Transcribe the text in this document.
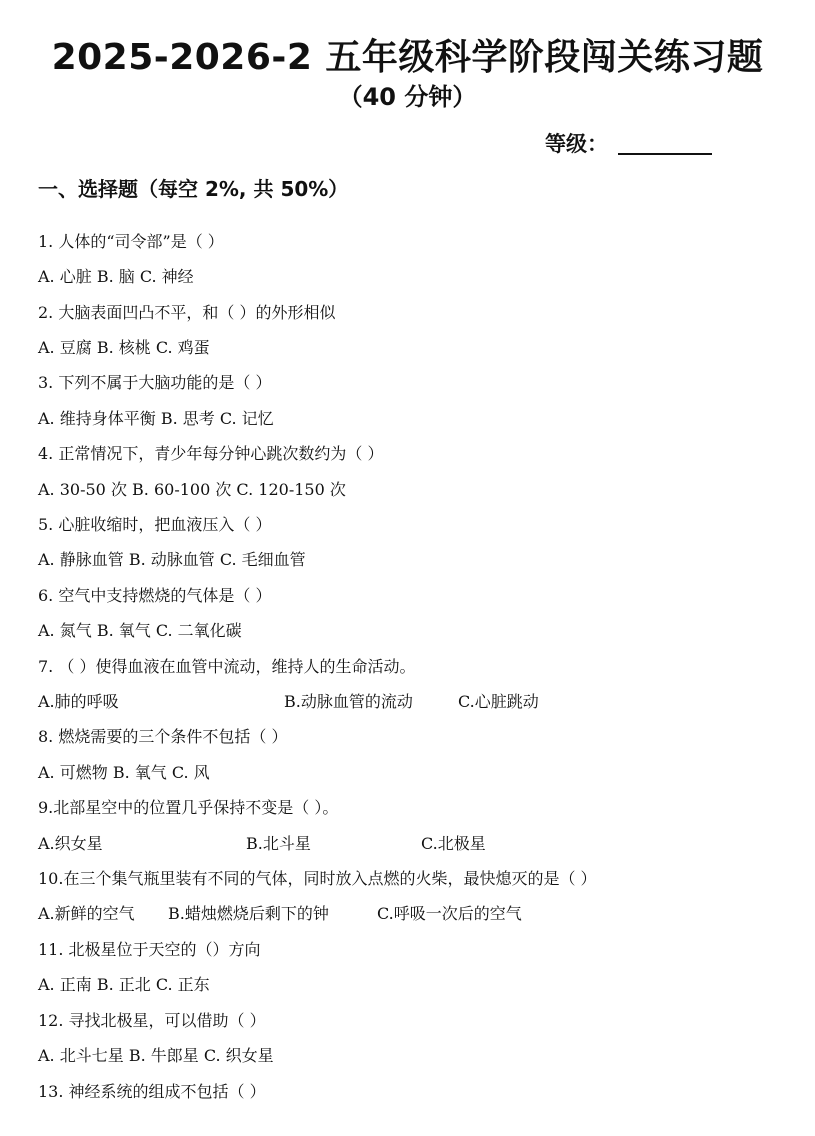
2025-2026-2 五年级科学阶段闯关练习题
（40 分钟）
等级：
一、选择题（每空 2%, 共 50%）
1. 人体的“司令部”是（ ）
A. 心脏 B. 脑 C. 神经
2. 大脑表面凹凸不平，和（ ）的外形相似
A. 豆腐 B. 核桃 C. 鸡蛋
3. 下列不属于大脑功能的是（ ）
A. 维持身体平衡 B. 思考 C. 记忆
4. 正常情况下，青少年每分钟心跳次数约为（ ）
A. 30-50 次 B. 60-100 次 C. 120-150 次
5. 心脏收缩时，把血液压入（ ）
A. 静脉血管 B. 动脉血管 C. 毛细血管
6. 空气中支持燃烧的气体是（ ）
A. 氮气 B. 氧气 C. 二氧化碳
7. （ ）使得血液在血管中流动，维持人的生命活动。
A.肺的呼吸	B.动脉血管的流动	C.心脏跳动
8. 燃烧需要的三个条件不包括（ ）
A. 可燃物 B. 氧气 C. 风
9.北部星空中的位置几乎保持不变是（ ）。
A.织女星	B.北斗星	C.北极星
10.在三个集气瓶里装有不同的气体，同时放入点燃的火柴，最快熄灭的是（ ）
A.新鲜的空气 B.蜡烛燃烧后剩下的钟	C.呼吸一次后的空气
11. 北极星位于天空的（）方向
A. 正南 B. 正北 C. 正东
12. 寻找北极星，可以借助（ ）
A. 北斗七星 B. 牛郎星 C. 织女星
13. 神经系统的组成不包括（ ）
